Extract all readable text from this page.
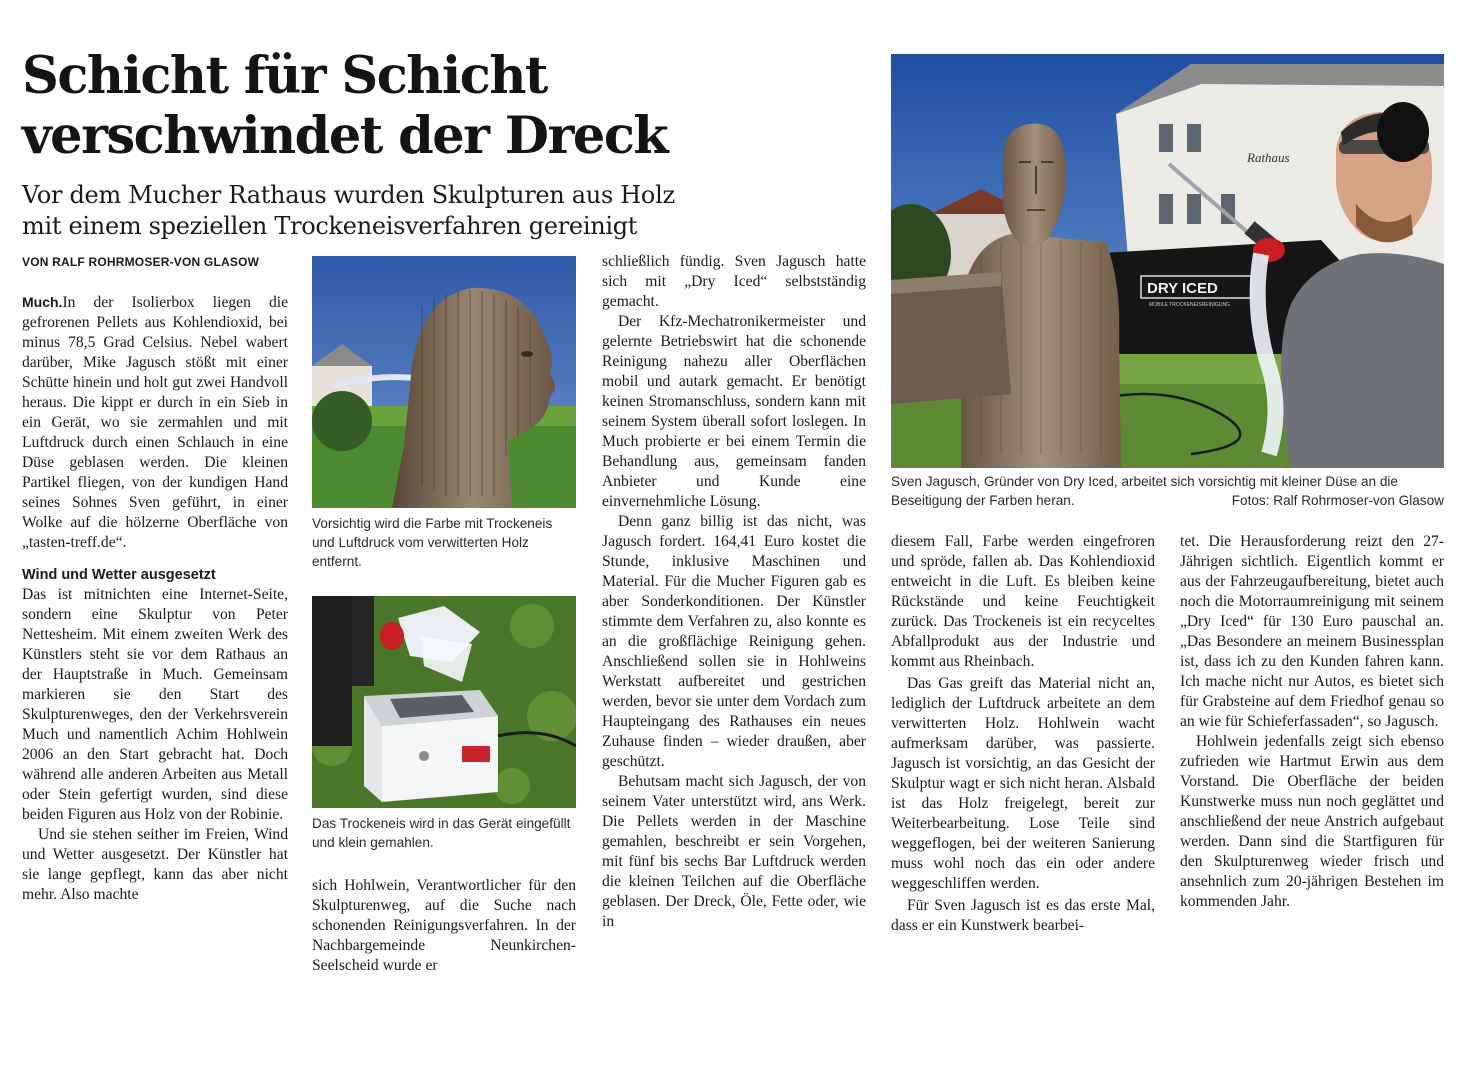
Schicht für Schicht
verschwindet der Dreck
Vor dem Mucher Rathaus wurden Skulpturen aus Holz
mit einem speziellen Trockeneisverfahren gereinigt
VON RALF ROHRMOSER-VON GLASOW

Much.In der Isolierbox liegen die gefrorenen Pellets aus Kohlendioxid, bei minus 78,5 Grad Celsius. Nebel wabert darüber, Mike Jagusch stößt mit einer Schütte hinein und holt gut zwei Handvoll heraus. Die kippt er durch in ein Sieb in ein Gerät, wo sie zermahlen und mit Luftdruck durch einen Schlauch in eine Düse geblasen werden. Die kleinen Partikel fliegen, von der kundigen Hand seines Sohnes Sven geführt, in einer Wolke auf die hölzerne Oberfläche von „tasten-treff.de“.

Wind und Wetter ausgesetzt

Das ist mitnichten eine Internet-Seite, sondern eine Skulptur von Peter Nettesheim. Mit einem zweiten Werk des Künstlers steht sie vor dem Rathaus an der Hauptstraße in Much. Gemeinsam markieren sie den Start des Skulpturenweges, den der Verkehrsverein Much und namentlich Achim Hohlwein 2006 an den Start gebracht hat. Doch während alle anderen Arbeiten aus Metall oder Stein gefertigt wurden, sind diese beiden Figuren aus Holz von der Robinie.

Und sie stehen seither im Freien, Wind und Wetter ausgesetzt. Der Künstler hat sie lange gepflegt, kann das aber nicht mehr. Also machte

Vorsichtig wird die Farbe mit Trockeneis und Luftdruck vom verwitterten Holz entfernt.
Das Trockeneis wird in das Gerät eingefüllt und klein gemahlen.

sich Hohlwein, Verantwortlicher für den Skulpturenweg, auf die Suche nach schonenden Reinigungsverfahren. In der Nachbargemeinde Neunkirchen-Seelscheid wurde er

schließlich fündig. Sven Jagusch hatte sich mit „Dry Iced“ selbstständig gemacht.

Der Kfz-Mechatronikermeister und gelernte Betriebswirt hat die schonende Reinigung nahezu aller Oberflächen mobil und autark gemacht. Er benötigt keinen Stromanschluss, sondern kann mit seinem System überall sofort loslegen. In Much probierte er bei einem Termin die Behandlung aus, gemeinsam fanden Anbieter und Kunde eine einvernehmliche Lösung.

Denn ganz billig ist das nicht, was Jagusch fordert. 164,41 Euro kostet die Stunde, inklusive Maschinen und Material. Für die Mucher Figuren gab es aber Sonderkonditionen. Der Künstler stimmte dem Verfahren zu, also konnte es an die großflächige Reinigung gehen. Anschließend sollen sie in Hohlweins Werkstatt aufbereitet und gestrichen werden, bevor sie unter dem Vordach zum Haupteingang des Rathauses ein neues Zuhause finden – wieder draußen, aber geschützt.

Behutsam macht sich Jagusch, der von seinem Vater unterstützt wird, ans Werk. Die Pellets werden in der Maschine gemahlen, beschreibt er sein Vorgehen, mit fünf bis sechs Bar Luftdruck werden die kleinen Teilchen auf die Oberfläche geblasen. Der Dreck, Öle, Fette oder, wie in

Rathaus
DRY ICED
MOBILE TROCKENEISREINIGUNG
Sven Jagusch, Gründer von Dry Iced, arbeitet sich vorsichtig mit kleiner Düse an die Beseitigung der Farben heran.	Fotos: Ralf Rohrmoser-von Glasow

diesem Fall, Farbe werden eingefroren und spröde, fallen ab. Das Kohlendioxid entweicht in die Luft. Es bleiben keine Rückstände und keine Feuchtigkeit zurück. Das Trockeneis ist ein recyceltes Abfallprodukt aus der Industrie und kommt aus Rheinbach.

Das Gas greift das Material nicht an, lediglich der Luftdruck arbeitete an dem verwitterten Holz. Hohlwein wacht aufmerksam darüber, was passierte. Jagusch ist vorsichtig, an das Gesicht der Skulptur wagt er sich nicht heran. Alsbald ist das Holz freigelegt, bereit zur Weiterbearbeitung. Lose Teile sind weggeflogen, bei der weiteren Sanierung muss wohl noch das ein oder andere weggeschliffen werden.

Für Sven Jagusch ist es das erste Mal, dass er ein Kunstwerk bearbei-

tet. Die Herausforderung reizt den 27-Jährigen sichtlich. Eigentlich kommt er aus der Fahrzeugaufbereitung, bietet auch noch die Motorraumreinigung mit seinem „Dry Iced“ für 130 Euro pauschal an. „Das Besondere an meinem Businessplan ist, dass ich zu den Kunden fahren kann. Ich mache nicht nur Autos, es bietet sich für Grabsteine auf dem Friedhof genau so an wie für Schieferfassaden“, so Jagusch.

Hohlwein jedenfalls zeigt sich ebenso zufrieden wie Hartmut Erwin aus dem Vorstand. Die Oberfläche der beiden Kunstwerke muss nun noch geglättet und anschließend der neue Anstrich aufgebaut werden. Dann sind die Startfiguren für den Skulpturenweg wieder frisch und ansehnlich zum 20-jährigen Bestehen im kommenden Jahr.
